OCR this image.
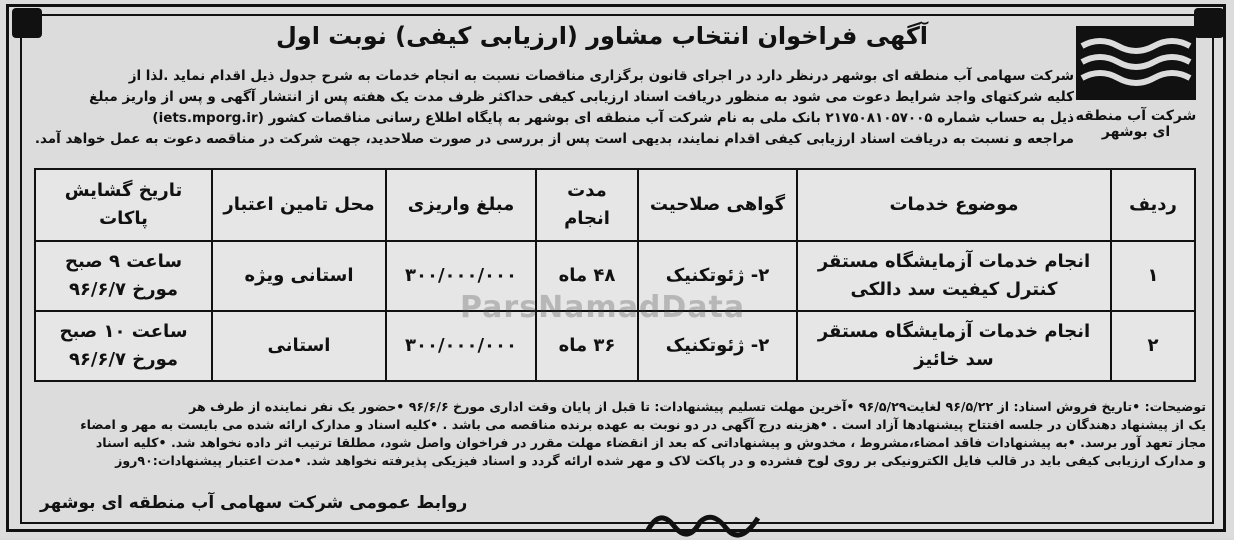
شرکت آب منطقه ای بوشهر
آگهی فراخوان انتخاب مشاور (ارزیابی کیفی) نوبت اول
شرکت سهامی آب منطقه ای بوشهر درنظر دارد در اجرای قانون برگزاری مناقصات نسبت به انجام خدمات به شرح جدول ذیل اقدام نماید .لذا از
کلیه شرکتهای واجد شرایط دعوت می شود به منظور دریافت اسناد ارزیابی کیفی حداکثر ظرف مدت یک هفته پس از انتشار آگهی و پس از واریز مبلغ
ذیل به حساب شماره ۲۱۷۵۰۸۱۰۵۷۰۰۵ بانک ملی به نام شرکت آب منطقه ای بوشهر به پایگاه اطلاع رسانی مناقصات کشور (iets.mporg.ir)
مراجعه و نسبت به دریافت اسناد ارزیابی کیفی اقدام نمایند، بدیهی است پس از بررسی در صورت صلاحدید، جهت شرکت در مناقصه دعوت به عمل خواهد آمد.
ردیف	موضوع خدمات	گواهی صلاحیت	مدت انجام	مبلغ واریزی	محل تامین اعتبار	تاریخ گشایش پاکات
۱	انجام خدمات آزمایشگاه مستقر کنترل کیفیت سد دالکی	۲- ژئوتکنیک	۴۸ ماه	۳۰۰/۰۰۰/۰۰۰	استانی ویژه	ساعت ۹ صبح مورخ ۹۶/۶/۷
۲	انجام خدمات آزمایشگاه مستقر سد خائیز	۲- ژئوتکنیک	۳۶ ماه	۳۰۰/۰۰۰/۰۰۰	استانی	ساعت ۱۰ صبح مورخ ۹۶/۶/۷
ParsNamadData
توضیحات: •تاریخ فروش اسناد: از ۹۶/۵/۲۲ لغایت۹۶/۵/۲۹ •آخرین مهلت تسلیم پیشنهادات: تا قبل از پایان وقت اداری مورخ ۹۶/۶/۶ •حضور یک نفر نماینده از طرف هر
یک از پیشنهاد دهندگان در جلسه افتتاح پیشنهادها آزاد است . •هزینه درج آگهی در دو نوبت به عهده برنده مناقصه می باشد . •کلیه اسناد و مدارک ارائه شده می بایست به مهر و امضاء
مجاز تعهد آور برسد. •به پیشنهادات فاقد امضاء،مشروط ، مخدوش و پیشنهاداتی که بعد از انقضاء مهلت مقرر در فراخوان واصل شود، مطلقا ترتیب اثر داده نخواهد شد. •کلیه اسناد
و مدارک ارزیابی کیفی باید در قالب فایل الکترونیکی بر روی لوح فشرده و در پاکت لاک و مهر شده ارائه گردد و اسناد فیزیکی پذیرفته نخواهد شد. •مدت اعتبار پیشنهادات:۹۰روز
روابط عمومی شرکت سهامی آب منطقه ای بوشهر
